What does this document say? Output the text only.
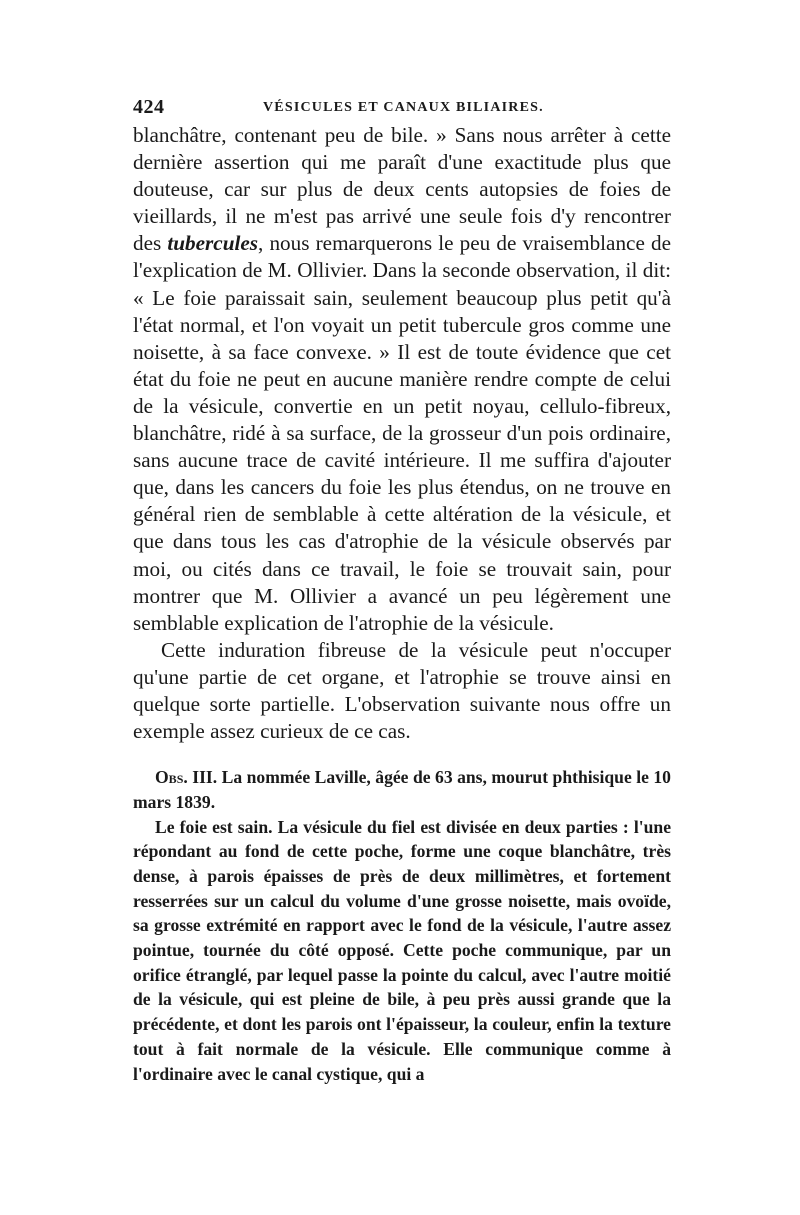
424	VÉSICULES ET CANAUX BILIAIRES.

blanchâtre, contenant peu de bile. » Sans nous arrêter à cette dernière assertion qui me paraît d'une exactitude plus que douteuse, car sur plus de deux cents autopsies de foies de vieillards, il ne m'est pas arrivé une seule fois d'y rencontrer des tubercules, nous remarquerons le peu de vraisemblance de l'explication de M. Ollivier. Dans la seconde observation, il dit: « Le foie paraissait sain, seulement beaucoup plus petit qu'à l'état normal, et l'on voyait un petit tubercule gros comme une noisette, à sa face convexe. » Il est de toute évidence que cet état du foie ne peut en aucune manière rendre compte de celui de la vésicule, convertie en un petit noyau, cellulo-fibreux, blanchâtre, ridé à sa surface, de la grosseur d'un pois ordinaire, sans aucune trace de cavité intérieure. Il me suffira d'ajouter que, dans les cancers du foie les plus étendus, on ne trouve en général rien de semblable à cette altération de la vésicule, et que dans tous les cas d'atrophie de la vésicule observés par moi, ou cités dans ce travail, le foie se trouvait sain, pour montrer que M. Ollivier a avancé un peu légèrement une semblable explication de l'atrophie de la vésicule.

Cette induration fibreuse de la vésicule peut n'occuper qu'une partie de cet organe, et l'atrophie se trouve ainsi en quelque sorte partielle. L'observation suivante nous offre un exemple assez curieux de ce cas.

Obs. III. La nommée Laville, âgée de 63 ans, mourut phthisique le 10 mars 1839.

Le foie est sain. La vésicule du fiel est divisée en deux parties : l'une répondant au fond de cette poche, forme une coque blanchâtre, très dense, à parois épaisses de près de deux millimètres, et fortement resserrées sur un calcul du volume d'une grosse noisette, mais ovoïde, sa grosse extrémité en rapport avec le fond de la vésicule, l'autre assez pointue, tournée du côté opposé. Cette poche communique, par un orifice étranglé, par lequel passe la pointe du calcul, avec l'autre moitié de la vésicule, qui est pleine de bile, à peu près aussi grande que la précédente, et dont les parois ont l'épaisseur, la couleur, enfin la texture tout à fait normale de la vésicule. Elle communique comme à l'ordinaire avec le canal cystique, qui a
